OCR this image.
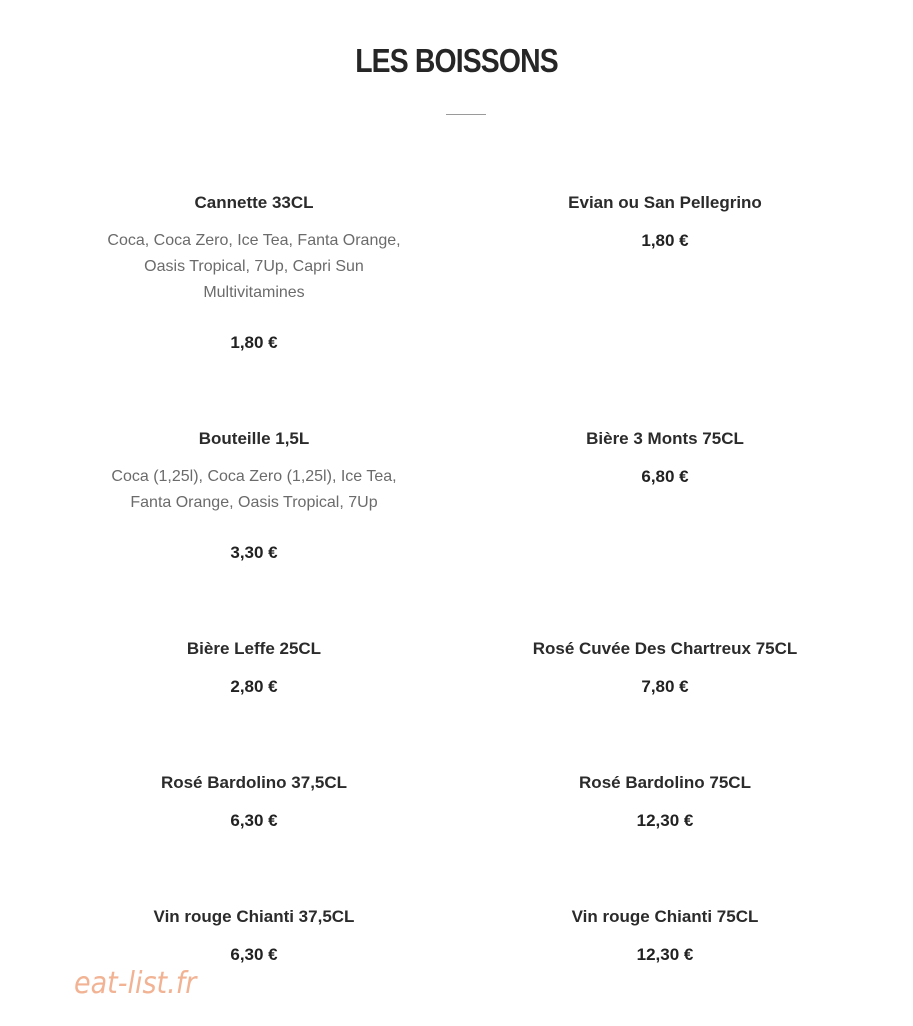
LES BOISSONS

Cannette 33CL

Coca, Coca Zero, Ice Tea, Fanta Orange, Oasis Tropical, 7Up, Capri Sun Multivitamines

1,80 €

Evian ou San Pellegrino

1,80 €

Bouteille 1,5L

Coca (1,25l), Coca Zero (1,25l), Ice Tea, Fanta Orange, Oasis Tropical, 7Up

3,30 €

Bière 3 Monts 75CL

6,80 €

Bière Leffe 25CL

2,80 €

Rosé Cuvée Des Chartreux 75CL

7,80 €

Rosé Bardolino 37,5CL

6,30 €

Rosé Bardolino 75CL

12,30 €

Vin rouge Chianti 37,5CL

6,30 €

Vin rouge Chianti 75CL

12,30 €

eat-list.fr
